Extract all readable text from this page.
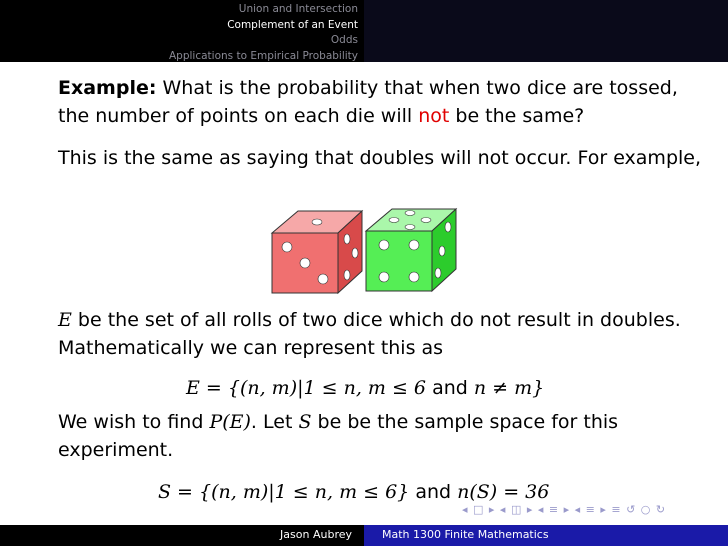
Union and Intersection
Complement of an Event
Odds
Applications to Empirical Probability

Example: What is the probability that when two dice are tossed, the number of points on each die will not be the same?

This is the same as saying that doubles will not occur. For example,

E be the set of all rolls of two dice which do not result in doubles. Mathematically we can represent this as

E = {(n, m)|1 ≤ n, m ≤ 6 and n ≠ m}

We wish to find P(E). Let S be be the sample space for this experiment.

S = {(n, m)|1 ≤ n, m ≤ 6} and n(S) = 36
◂ □ ▸ ◂ ◫ ▸ ◂ ≡ ▸ ◂ ≡ ▸ ≡ ↺ ○ ↻
Jason Aubrey	Math 1300 Finite Mathematics
